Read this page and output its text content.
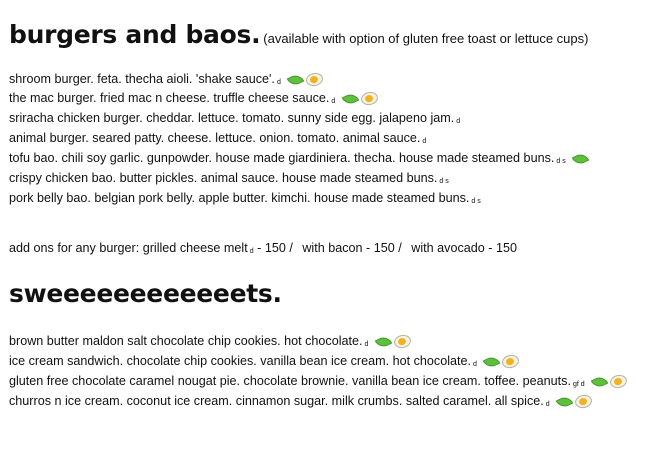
burgers and baos. (available with option of gluten free toast or lettuce cups)
shroom burger. feta. thecha aioli. 'shake sauce'. d
the mac burger. fried mac n cheese. truffle cheese sauce. d
sriracha chicken burger. cheddar. lettuce. tomato. sunny side egg. jalapeno jam. d
animal burger. seared patty. cheese. lettuce. onion. tomato. animal sauce. d
tofu bao. chili soy garlic. gunpowder. house made giardiniera. thecha. house made steamed buns. d s
crispy chicken bao. butter pickles. animal sauce. house made steamed buns. d s
pork belly bao. belgian pork belly. apple butter. kimchi. house made steamed buns. d s
add ons for any burger: grilled cheese melt d - 150 / with bacon - 150 / with avocado - 150
sweeeeeeeeeeeets.
brown butter maldon salt chocolate chip cookies. hot chocolate. d
ice cream sandwich. chocolate chip cookies. vanilla bean ice cream. hot chocolate. d
gluten free chocolate caramel nougat pie. chocolate brownie. vanilla bean ice cream. toffee. peanuts. gf d
churros n ice cream. coconut ice cream. cinnamon sugar. milk crumbs. salted caramel. all spice. d
